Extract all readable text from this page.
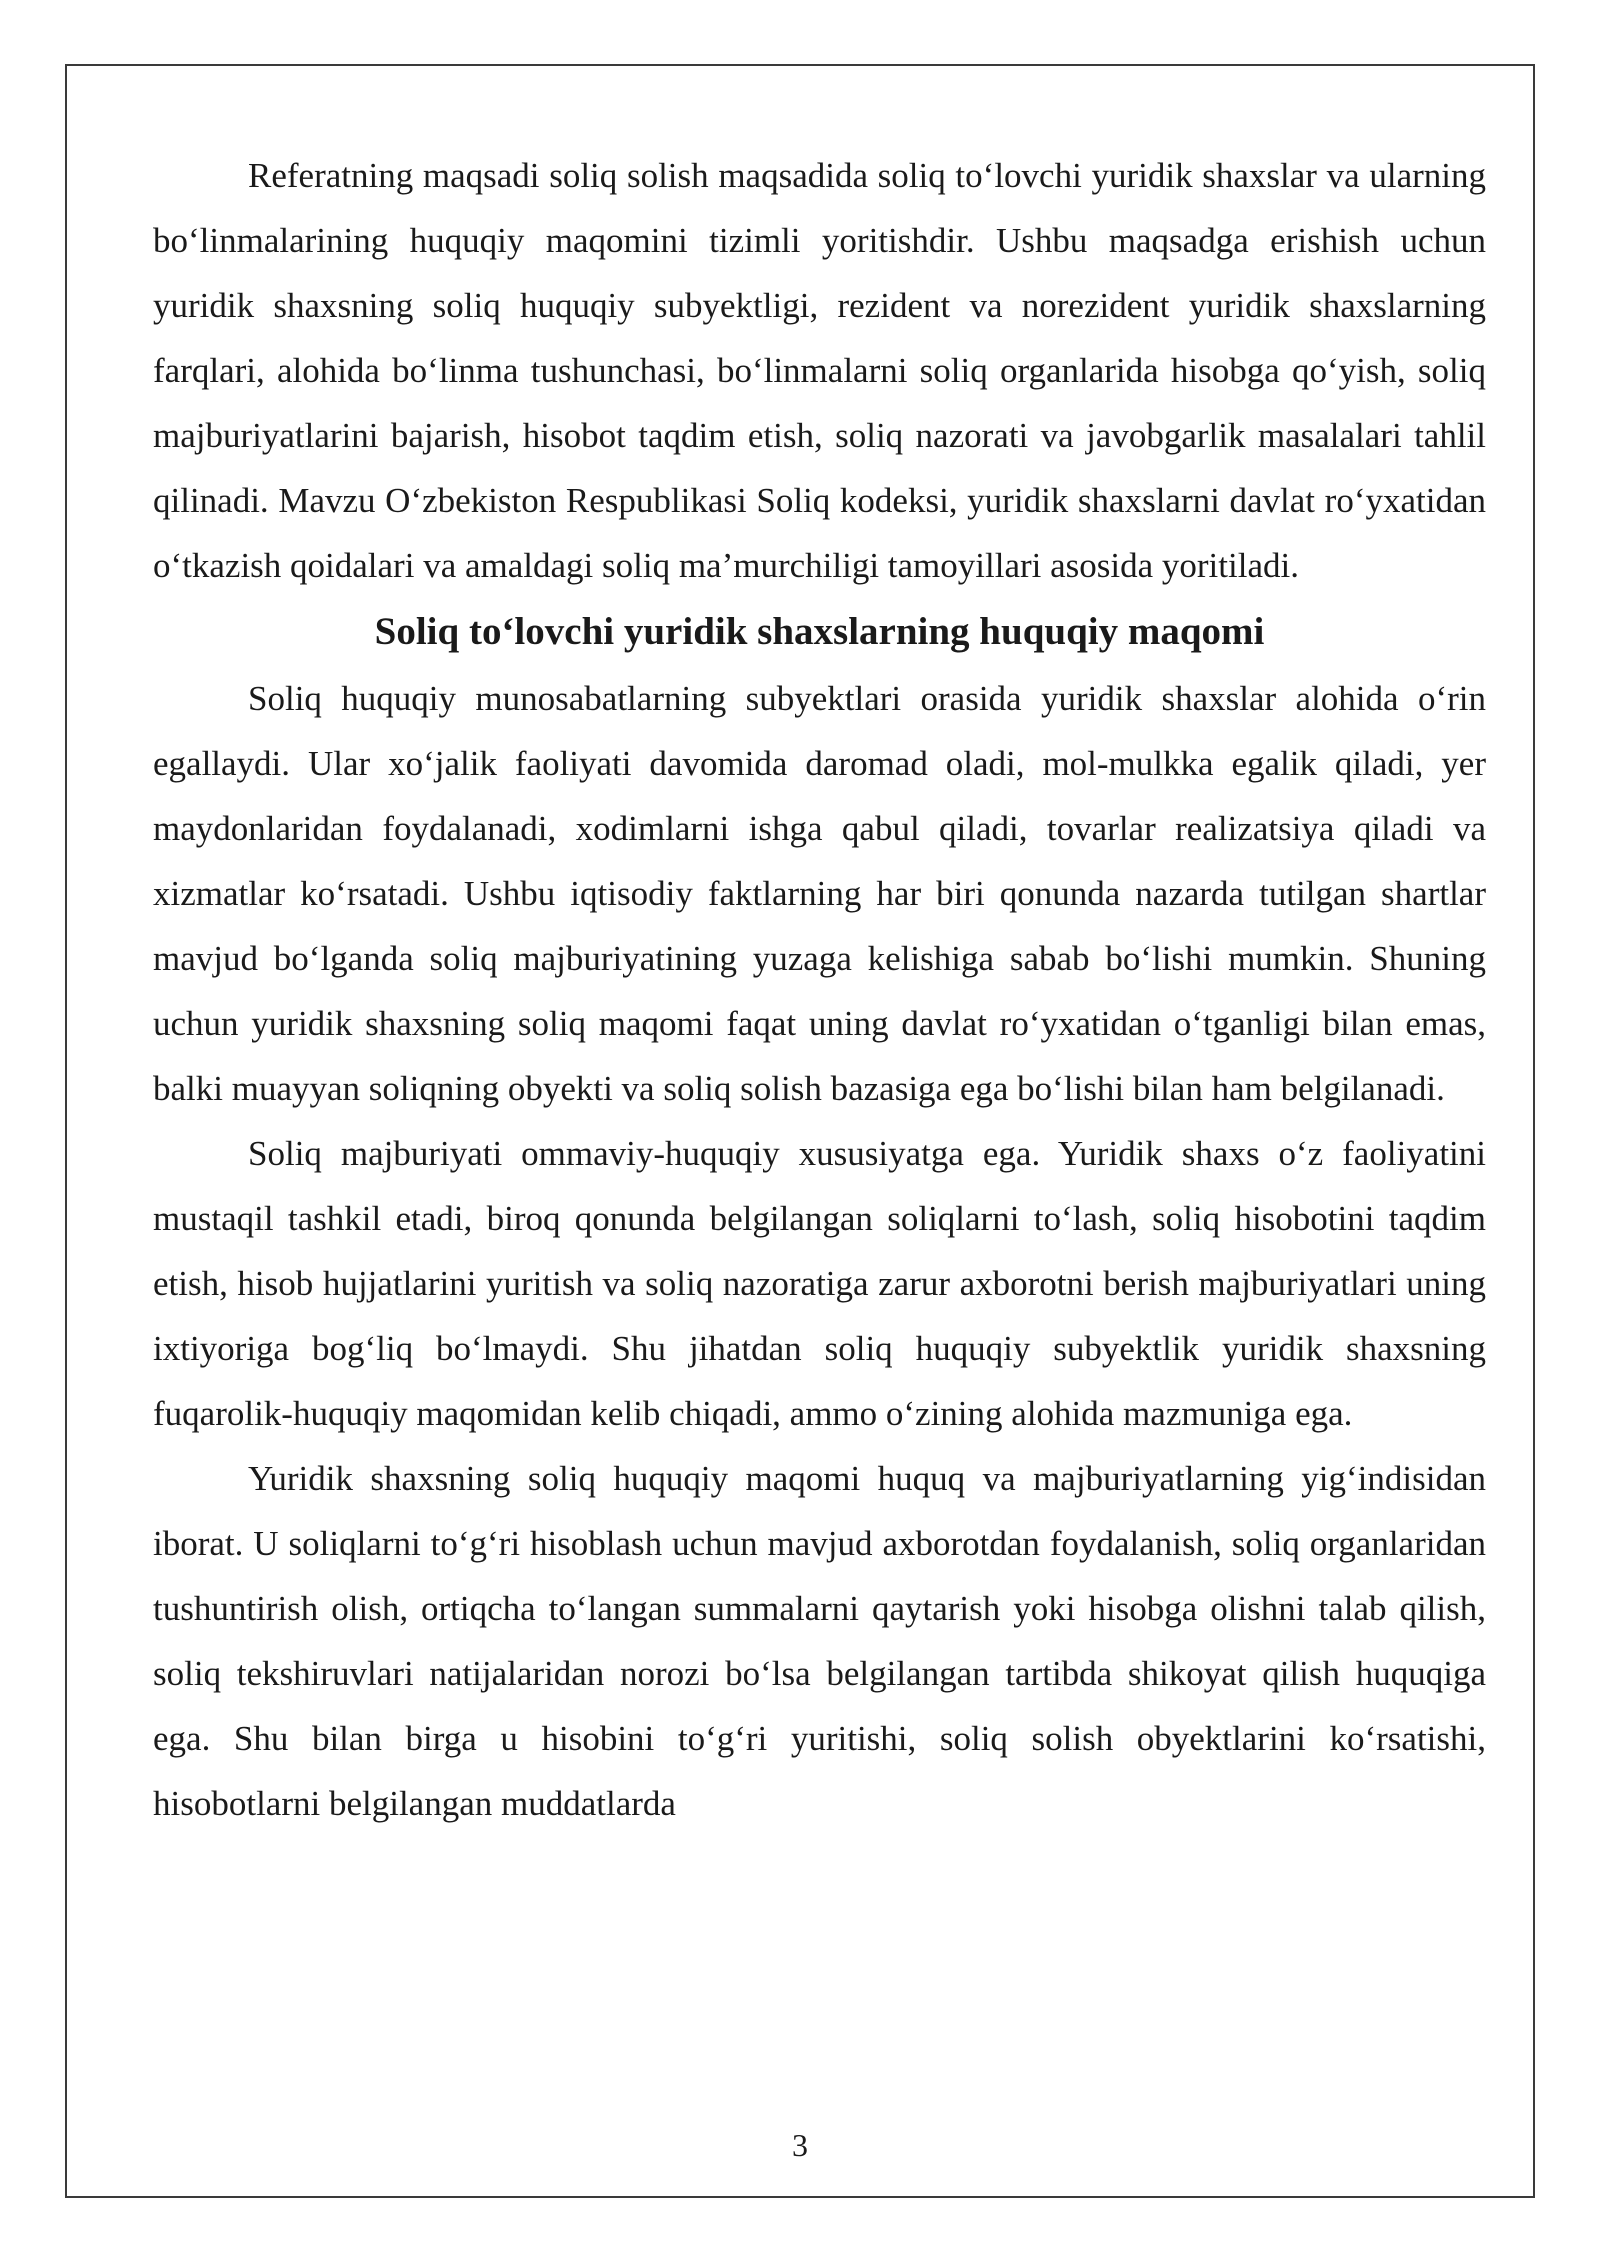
Referatning maqsadi soliq solish maqsadida soliq to‘lovchi yuridik shaxslar va ularning bo‘linmalarining huquqiy maqomini tizimli yoritishdir. Ushbu maqsadga erishish uchun yuridik shaxsning soliq huquqiy subyektligi, rezident va norezident yuridik shaxslarning farqlari, alohida bo‘linma tushunchasi, bo‘linmalarni soliq organlarida hisobga qo‘yish, soliq majburiyatlarini bajarish, hisobot taqdim etish, soliq nazorati va javobgarlik masalalari tahlil qilinadi. Mavzu O‘zbekiston Respublikasi Soliq kodeksi, yuridik shaxslarni davlat ro‘yxatidan o‘tkazish qoidalari va amaldagi soliq ma’murchiligi tamoyillari asosida yoritiladi.

Soliq to‘lovchi yuridik shaxslarning huquqiy maqomi

Soliq huquqiy munosabatlarning subyektlari orasida yuridik shaxslar alohida o‘rin egallaydi. Ular xo‘jalik faoliyati davomida daromad oladi, mol-mulkka egalik qiladi, yer maydonlaridan foydalanadi, xodimlarni ishga qabul qiladi, tovarlar realizatsiya qiladi va xizmatlar ko‘rsatadi. Ushbu iqtisodiy faktlarning har biri qonunda nazarda tutilgan shartlar mavjud bo‘lganda soliq majburiyatining yuzaga kelishiga sabab bo‘lishi mumkin. Shuning uchun yuridik shaxsning soliq maqomi faqat uning davlat ro‘yxatidan o‘tganligi bilan emas, balki muayyan soliqning obyekti va soliq solish bazasiga ega bo‘lishi bilan ham belgilanadi.

Soliq majburiyati ommaviy-huquqiy xususiyatga ega. Yuridik shaxs o‘z faoliyatini mustaqil tashkil etadi, biroq qonunda belgilangan soliqlarni to‘lash, soliq hisobotini taqdim etish, hisob hujjatlarini yuritish va soliq nazoratiga zarur axborotni berish majburiyatlari uning ixtiyoriga bog‘liq bo‘lmaydi. Shu jihatdan soliq huquqiy subyektlik yuridik shaxsning fuqarolik-huquqiy maqomidan kelib chiqadi, ammo o‘zining alohida mazmuniga ega.

Yuridik shaxsning soliq huquqiy maqomi huquq va majburiyatlarning yig‘indisidan iborat. U soliqlarni to‘g‘ri hisoblash uchun mavjud axborotdan foydalanish, soliq organlaridan tushuntirish olish, ortiqcha to‘langan summalarni qaytarish yoki hisobga olishni talab qilish, soliq tekshiruvlari natijalaridan norozi bo‘lsa belgilangan tartibda shikoyat qilish huquqiga ega. Shu bilan birga u hisobini to‘g‘ri yuritishi, soliq solish obyektlarini ko‘rsatishi, hisobotlarni belgilangan muddatlarda

3
